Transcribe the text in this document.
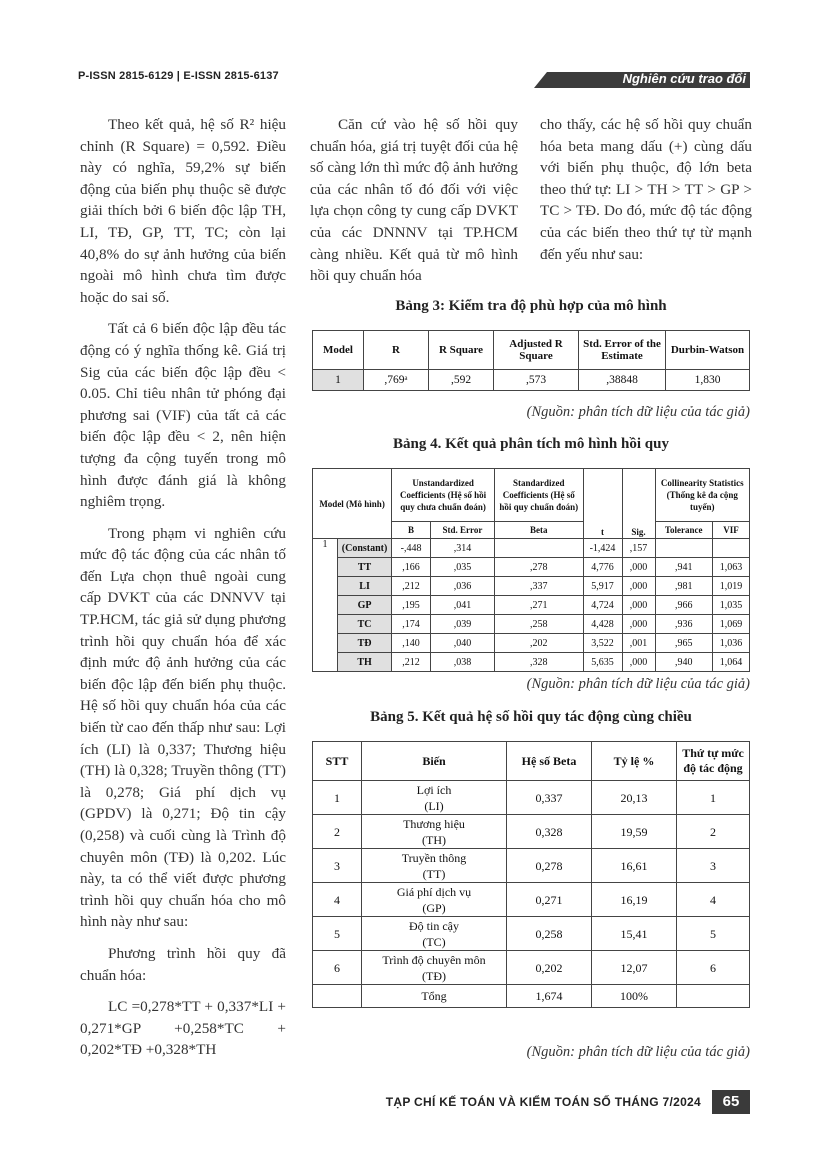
P-ISSN 2815-6129 | E-ISSN 2815-6137	Nghiên cứu trao đổi

Theo kết quả, hệ số R² hiệu chỉnh (R Square) = 0,592. Điều này có nghĩa, 59,2% sự biến động của biến phụ thuộc sẽ được giải thích bởi 6 biến độc lập TH, LI, TĐ, GP, TT, TC; còn lại 40,8% do sự ảnh hưởng của biến ngoài mô hình chưa tìm được hoặc do sai số.

Tất cả 6 biến độc lập đều tác động có ý nghĩa thống kê. Giá trị Sig của các biến độc lập đều < 0.05. Chỉ tiêu nhân tử phóng đại phương sai (VIF) của tất cả các biến độc lập đều < 2, nên hiện tượng đa cộng tuyến trong mô hình được đánh giá là không nghiêm trọng.

Trong phạm vi nghiên cứu mức độ tác động của các nhân tố đến Lựa chọn thuê ngoài cung cấp DVKT của các DNNVV tại TP.HCM, tác giả sử dụng phương trình hồi quy chuẩn hóa để xác định mức độ ảnh hưởng của các biến độc lập đến biến phụ thuộc. Hệ số hồi quy chuẩn hóa của các biến từ cao đến thấp như sau: Lợi ích (LI) là 0,337; Thương hiệu (TH) là 0,328; Truyền thông (TT) là 0,278; Giá phí dịch vụ (GPDV) là 0,271; Độ tin cậy (0,258) và cuối cùng là Trình độ chuyên môn (TĐ) là 0,202. Lúc này, ta có thể viết được phương trình hồi quy chuẩn hóa cho mô hình này như sau:

Phương trình hồi quy đã chuẩn hóa:

LC =0,278*TT + 0,337*LI + 0,271*GP +0,258*TC + 0,202*TĐ +0,328*TH

Căn cứ vào hệ số hồi quy chuẩn hóa, giá trị tuyệt đối của hệ số càng lớn thì mức độ ảnh hưởng của các nhân tố đó đối với việc lựa chọn công ty cung cấp DVKT của các DNNNV tại TP.HCM càng nhiều. Kết quả từ mô hình hồi quy chuẩn hóa

cho thấy, các hệ số hồi quy chuẩn hóa beta mang dấu (+) cùng dấu với biến phụ thuộc, độ lớn beta theo thứ tự: LI > TH > TT > GP > TC > TĐ. Do đó, mức độ tác động của các biến theo thứ tự từ mạnh đến yếu như sau:

Bảng 3: Kiểm tra độ phù hợp của mô hình
Model	R	R Square	Adjusted R Square	Std. Error of the Estimate	Durbin-Watson
1	,769ᵃ	,592	,573	,38848	1,830
(Nguồn: phân tích dữ liệu của tác giả)
Bảng 4. Kết quả phân tích mô hình hồi quy
Model (Mô hình)		Unstandardized Coefficients (Hệ số hồi quy chưa chuẩn đoán)		Standardized Coefficients (Hệ số hồi quy chuẩn đoán)	t	Sig.	Collinearity Statistics (Thống kê đa cộng tuyến)	
		B	Std. Error	Beta			Tolerance	VIF
1	(Constant)	-,448	,314		-1,424	,157		
	TT	,166	,035	,278	4,776	,000	,941	1,063
	LI	,212	,036	,337	5,917	,000	,981	1,019
	GP	,195	,041	,271	4,724	,000	,966	1,035
	TC	,174	,039	,258	4,428	,000	,936	1,069
	TĐ	,140	,040	,202	3,522	,001	,965	1,036
	TH	,212	,038	,328	5,635	,000	,940	1,064
(Nguồn: phân tích dữ liệu của tác giả)
Bảng 5. Kết quả hệ số hồi quy tác động cùng chiều
STT	Biến	Hệ số Beta	Tỷ lệ %	Thứ tự mức độ tác động
1	Lợi ích
(LI)	0,337	20,13	1
2	Thương hiệu
(TH)	0,328	19,59	2
3	Truyền thông
(TT)	0,278	16,61	3
4	Giá phí dịch vụ
(GP)	0,271	16,19	4
5	Độ tin cậy
(TC)	0,258	15,41	5
6	Trình độ chuyên môn
(TĐ)	0,202	12,07	6
	Tổng	1,674	100%	
(Nguồn: phân tích dữ liệu của tác giả)
TẠP CHÍ KẾ TOÁN VÀ KIỂM TOÁN SỐ THÁNG 7/2024	65
